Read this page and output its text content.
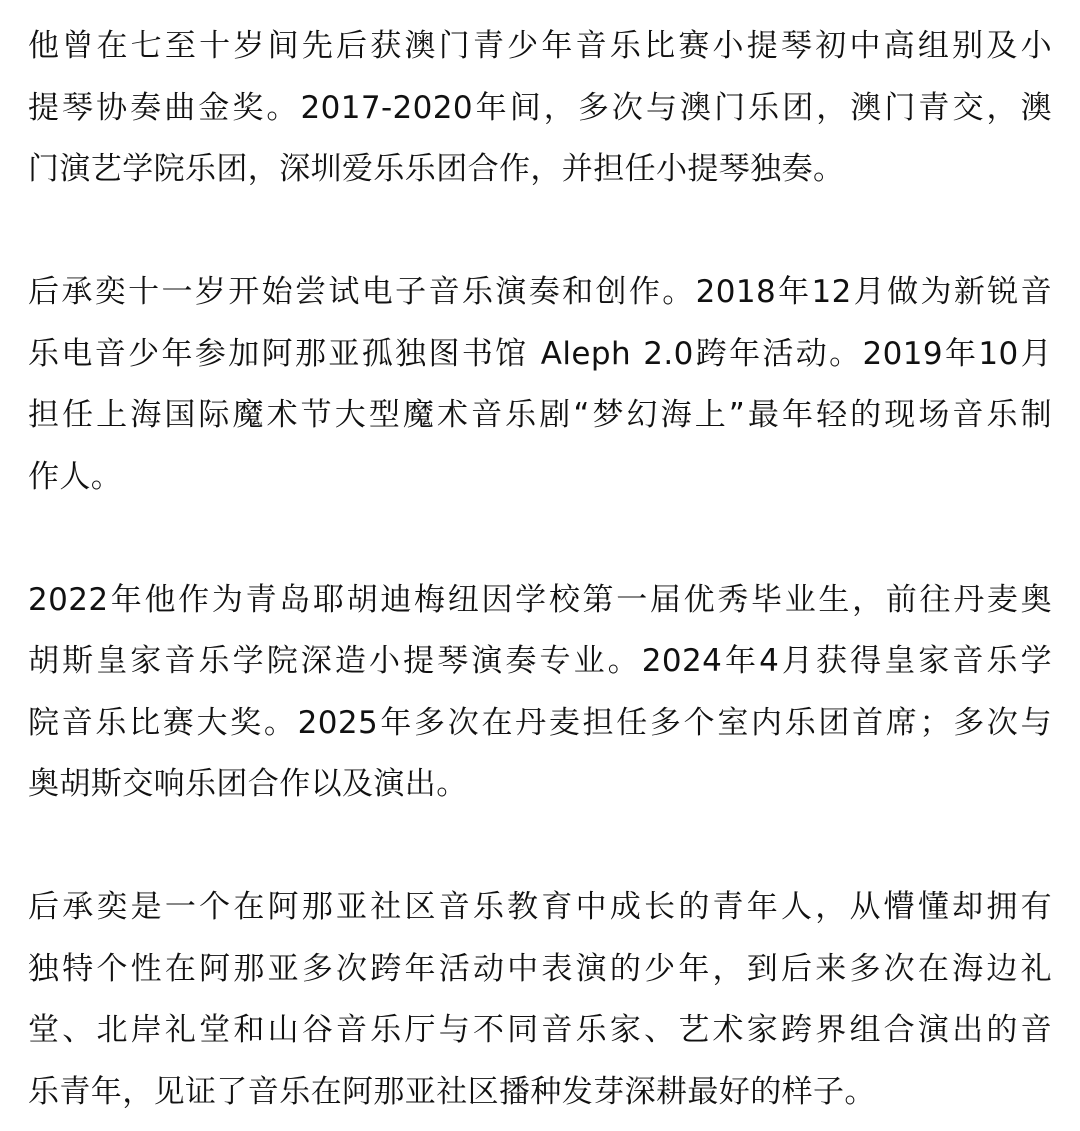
他曾在七至十岁间先后获澳门青少年音乐比赛小提琴初中高组别及小
提琴协奏曲金奖。2017-2020年间，多次与澳门乐团，澳门青交，澳
门演艺学院乐团，深圳爱乐乐团合作，并担任小提琴独奏。

后承奕十一岁开始尝试电子音乐演奏和创作。2018年12月做为新锐音
乐电音少年参加阿那亚孤独图书馆 Aleph 2.0跨年活动。2019年10月
担任上海国际魔术节大型魔术音乐剧“梦幻海上”最年轻的现场音乐制
作人。

2022年他作为青岛耶胡迪梅纽因学校第一届优秀毕业生，前往丹麦奥
胡斯皇家音乐学院深造小提琴演奏专业。2024年4月获得皇家音乐学
院音乐比赛大奖。2025年多次在丹麦担任多个室内乐团首席；多次与
奥胡斯交响乐团合作以及演出。

后承奕是一个在阿那亚社区音乐教育中成长的青年人，从懵懂却拥有
独特个性在阿那亚多次跨年活动中表演的少年，到后来多次在海边礼
堂、北岸礼堂和山谷音乐厅与不同音乐家、艺术家跨界组合演出的音
乐青年，见证了音乐在阿那亚社区播种发芽深耕最好的样子。
